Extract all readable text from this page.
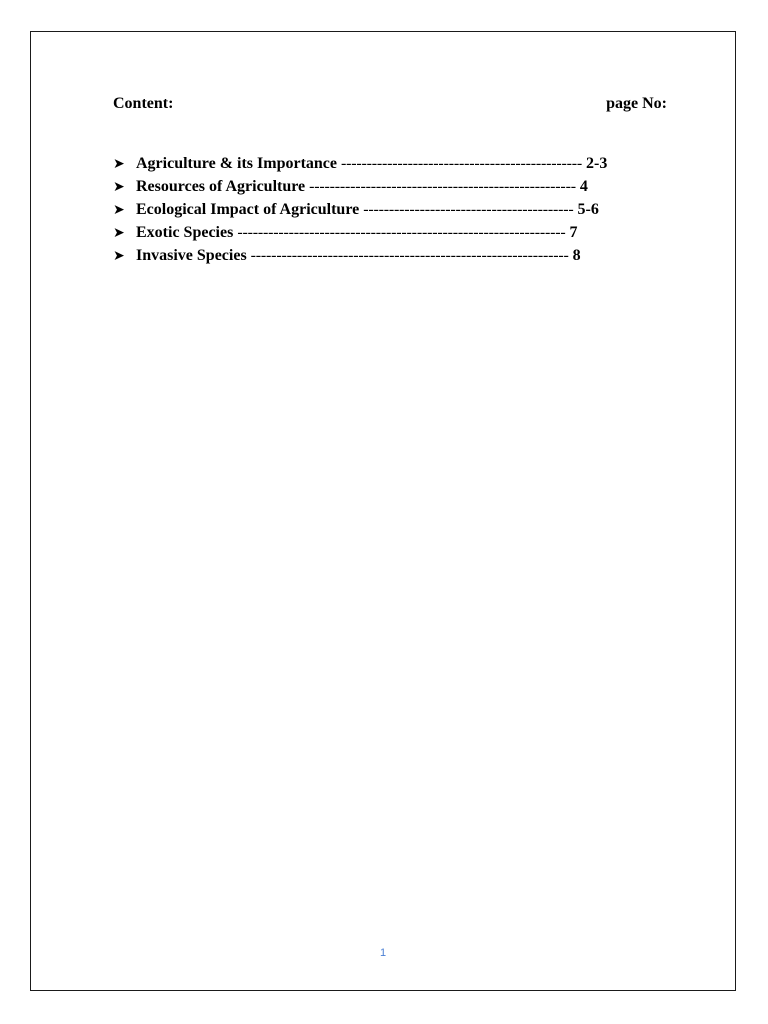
Content:	page No:
➤ Agriculture & its Importance ----------------------------------------------- 2-3
➤ Resources of Agriculture ---------------------------------------------------- 4
➤ Ecological Impact of Agriculture ----------------------------------------- 5-6
➤ Exotic Species ---------------------------------------------------------------- 7
➤ Invasive Species -------------------------------------------------------------- 8
1
